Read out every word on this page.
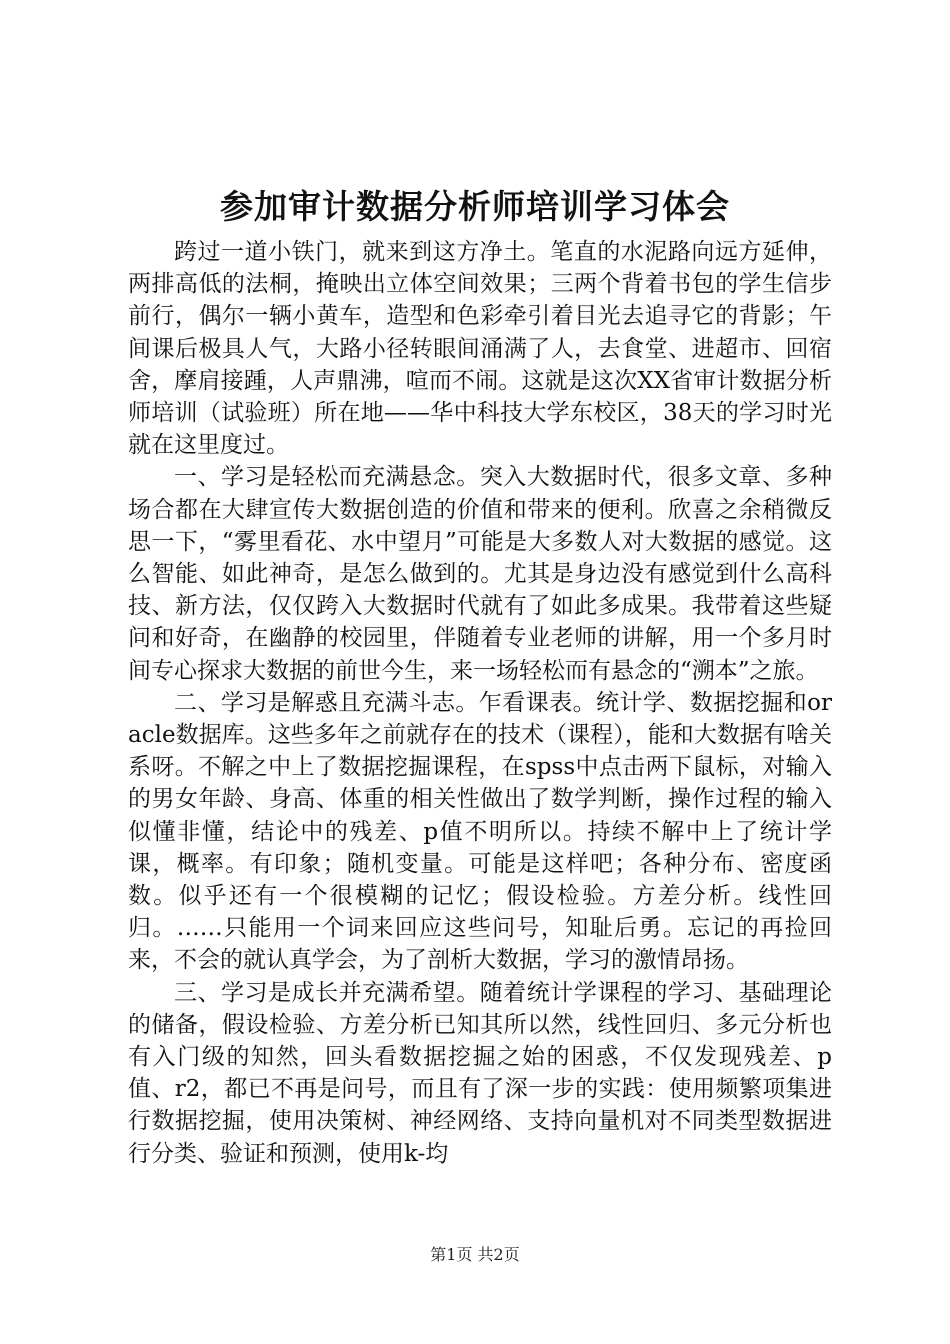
参加审计数据分析师培训学习体会

跨过一道小铁门，就来到这方净土。笔直的水泥路向远方延伸，两排高低的法桐，掩映出立体空间效果；三两个背着书包的学生信步前行，偶尔一辆小黄车，造型和色彩牵引着目光去追寻它的背影；午间课后极具人气，大路小径转眼间涌满了人，去食堂、进超市、回宿舍，摩肩接踵，人声鼎沸，喧而不闹。这就是这次XX省审计数据分析师培训（试验班）所在地——华中科技大学东校区，38天的学习时光就在这里度过。

一、学习是轻松而充满悬念。突入大数据时代，很多文章、多种场合都在大肆宣传大数据创造的价值和带来的便利。欣喜之余稍微反思一下，“雾里看花、水中望月”可能是大多数人对大数据的感觉。这么智能、如此神奇，是怎么做到的。尤其是身边没有感觉到什么高科技、新方法，仅仅跨入大数据时代就有了如此多成果。我带着这些疑问和好奇，在幽静的校园里，伴随着专业老师的讲解，用一个多月时间专心探求大数据的前世今生，来一场轻松而有悬念的“溯本”之旅。

二、学习是解惑且充满斗志。乍看课表。统计学、数据挖掘和oracle数据库。这些多年之前就存在的技术（课程），能和大数据有啥关系呀。不解之中上了数据挖掘课程，在spss中点击两下鼠标，对输入的男女年龄、身高、体重的相关性做出了数学判断，操作过程的输入似懂非懂，结论中的残差、p值不明所以。持续不解中上了统计学课，概率。有印象；随机变量。可能是这样吧；各种分布、密度函数。似乎还有一个很模糊的记忆；假设检验。方差分析。线性回归。……只能用一个词来回应这些问号，知耻后勇。忘记的再捡回来，不会的就认真学会，为了剖析大数据，学习的激情昂扬。

三、学习是成长并充满希望。随着统计学课程的学习、基础理论的储备，假设检验、方差分析已知其所以然，线性回归、多元分析也有入门级的知然，回头看数据挖掘之始的困惑，不仅发现残差、p值、r2，都已不再是问号，而且有了深一步的实践：使用频繁项集进行数据挖掘，使用决策树、神经网络、支持向量机对不同类型数据进行分类、验证和预测，使用k-均

第1页 共2页
